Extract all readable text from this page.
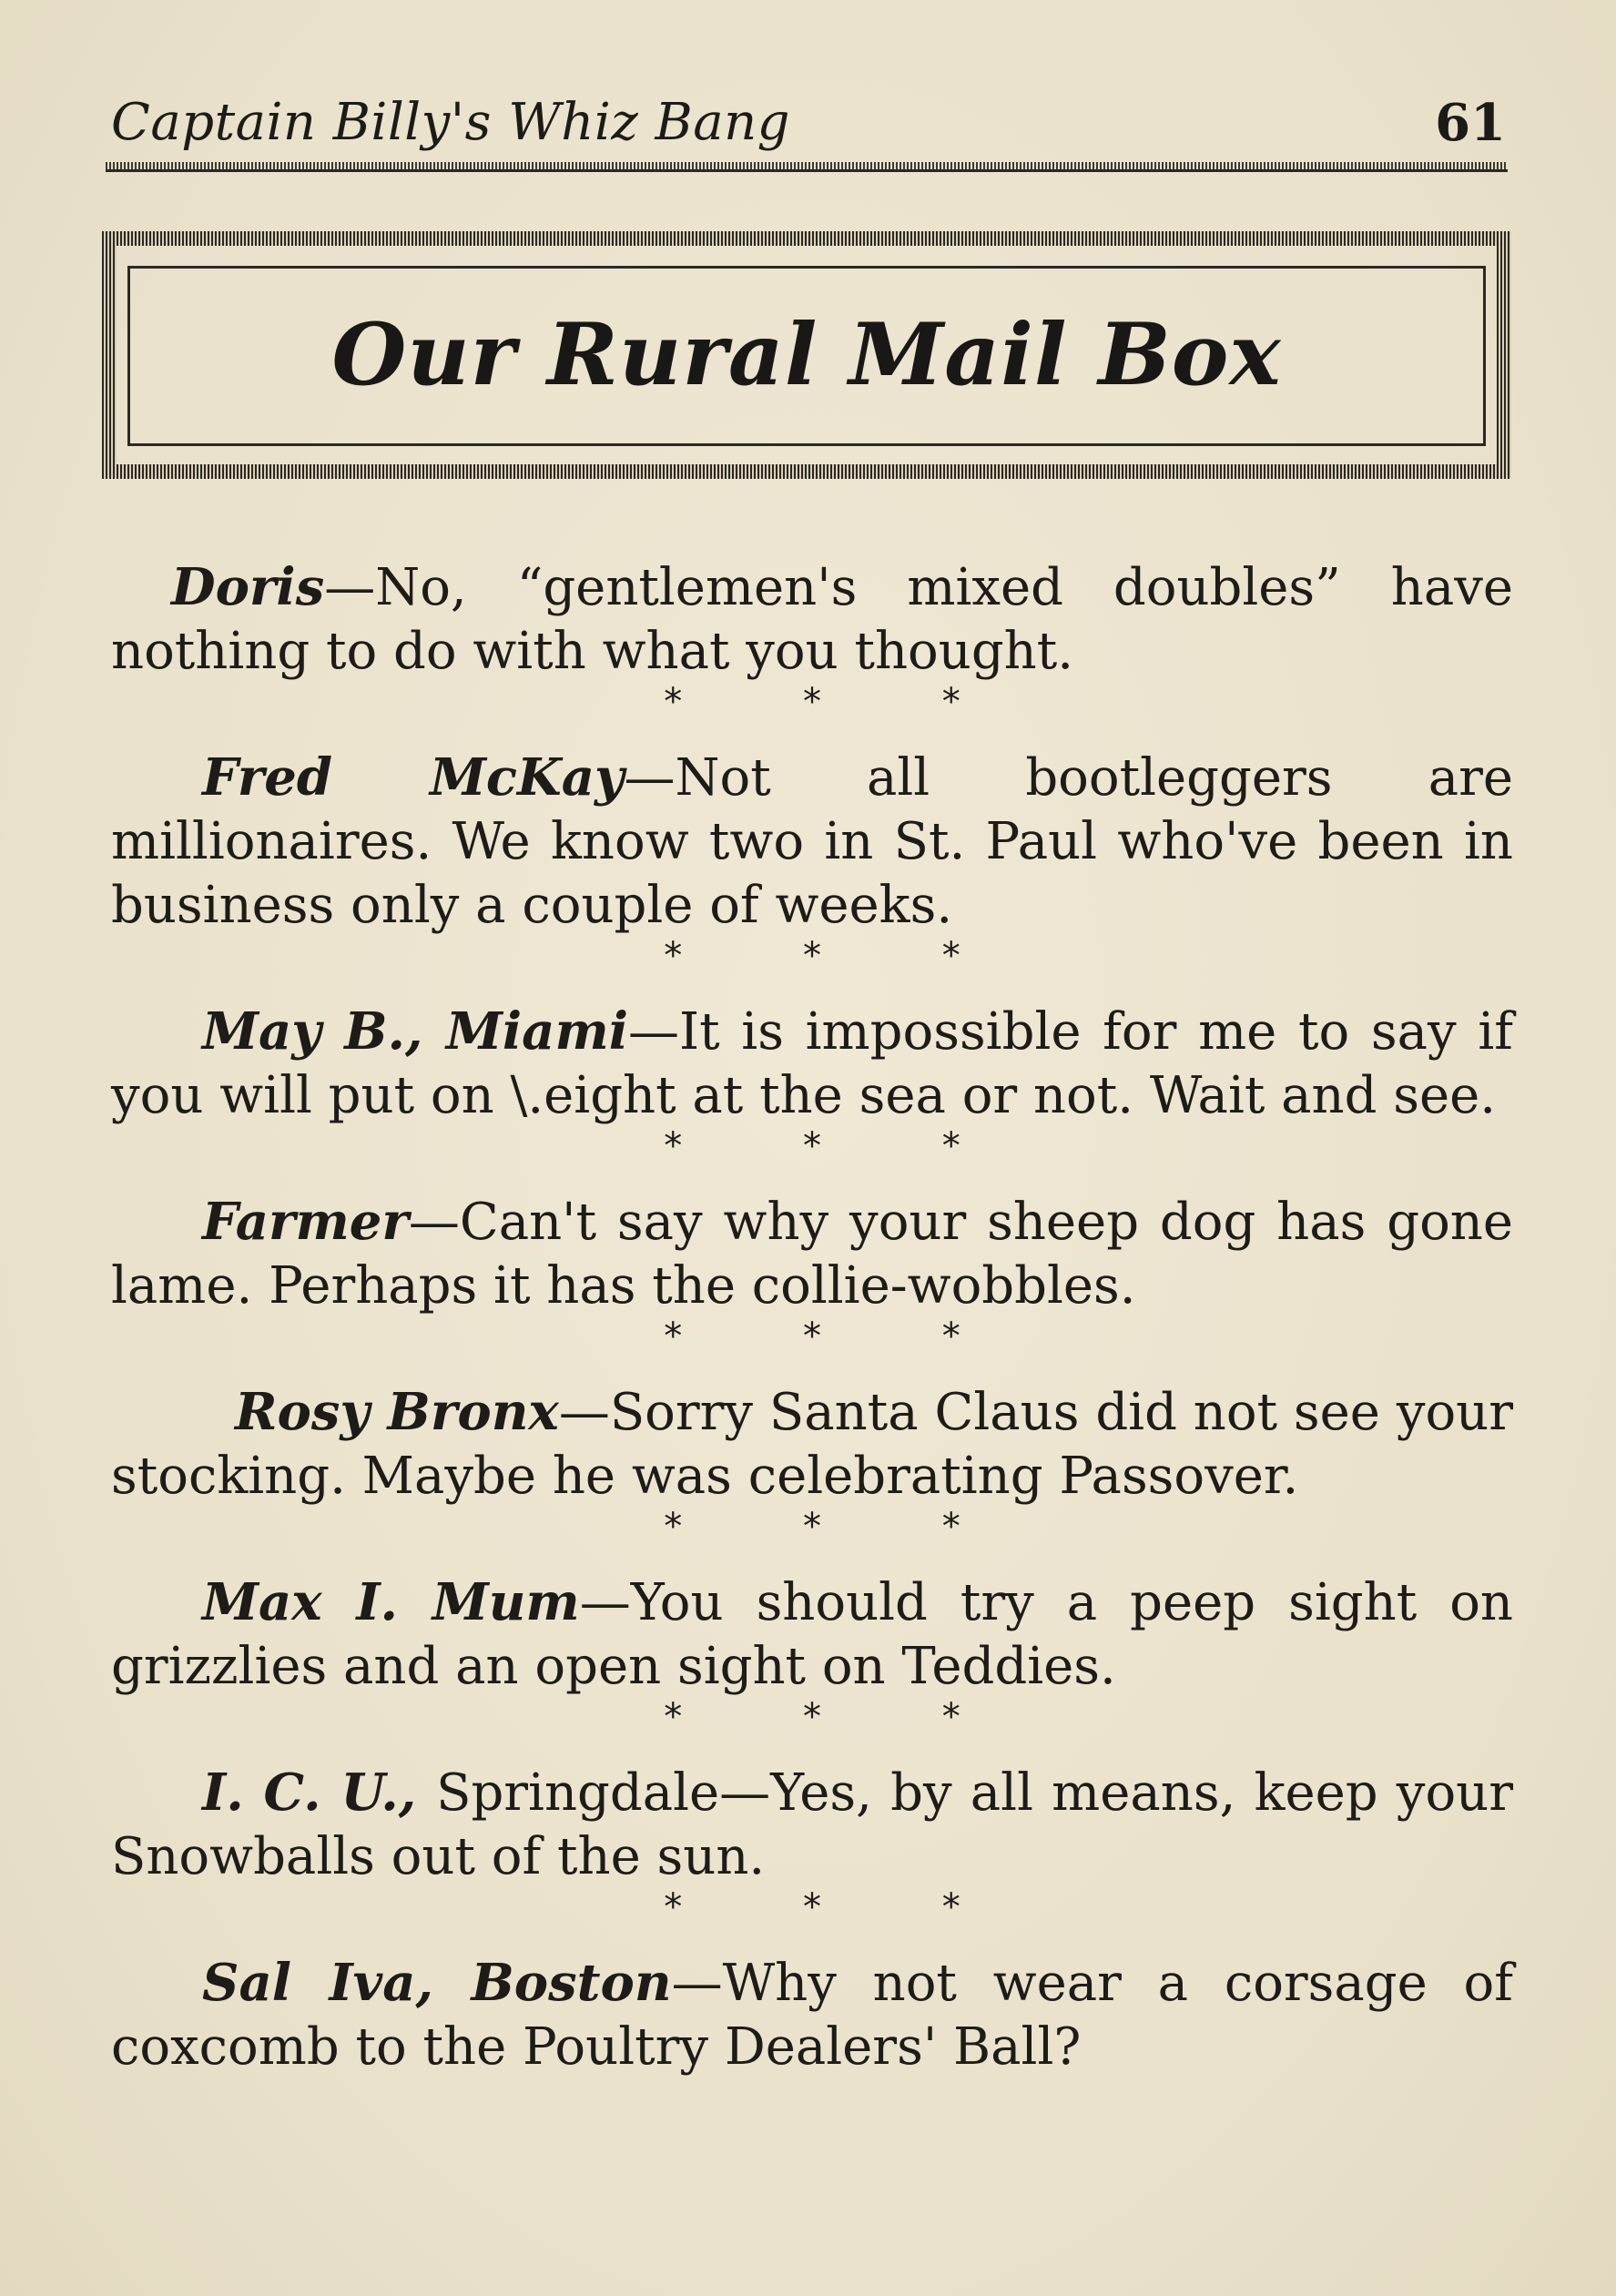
Captain Billy's Whiz Bang	61
Our Rural Mail Box

Doris—No, “gentlemen's mixed doubles” have nothing to do with what you thought.

* * *

Fred McKay—Not all bootleggers are millionaires. We know two in St. Paul who've been in business only a couple of weeks.

* * *

May B., Miami—It is impossible for me to say if you will put on \.eight at the sea or not. Wait and see.

* * *

Farmer—Can't say why your sheep dog has gone lame. Perhaps it has the collie-wobbles.

* * *

Rosy Bronx—Sorry Santa Claus did not see your stocking. Maybe he was celebrating Passover.

* * *

Max I. Mum—You should try a peep sight on grizzlies and an open sight on Teddies.

* * *

I. C. U., Springdale—Yes, by all means, keep your Snowballs out of the sun.

* * *

Sal Iva, Boston—Why not wear a corsage of coxcomb to the Poultry Dealers' Ball?
